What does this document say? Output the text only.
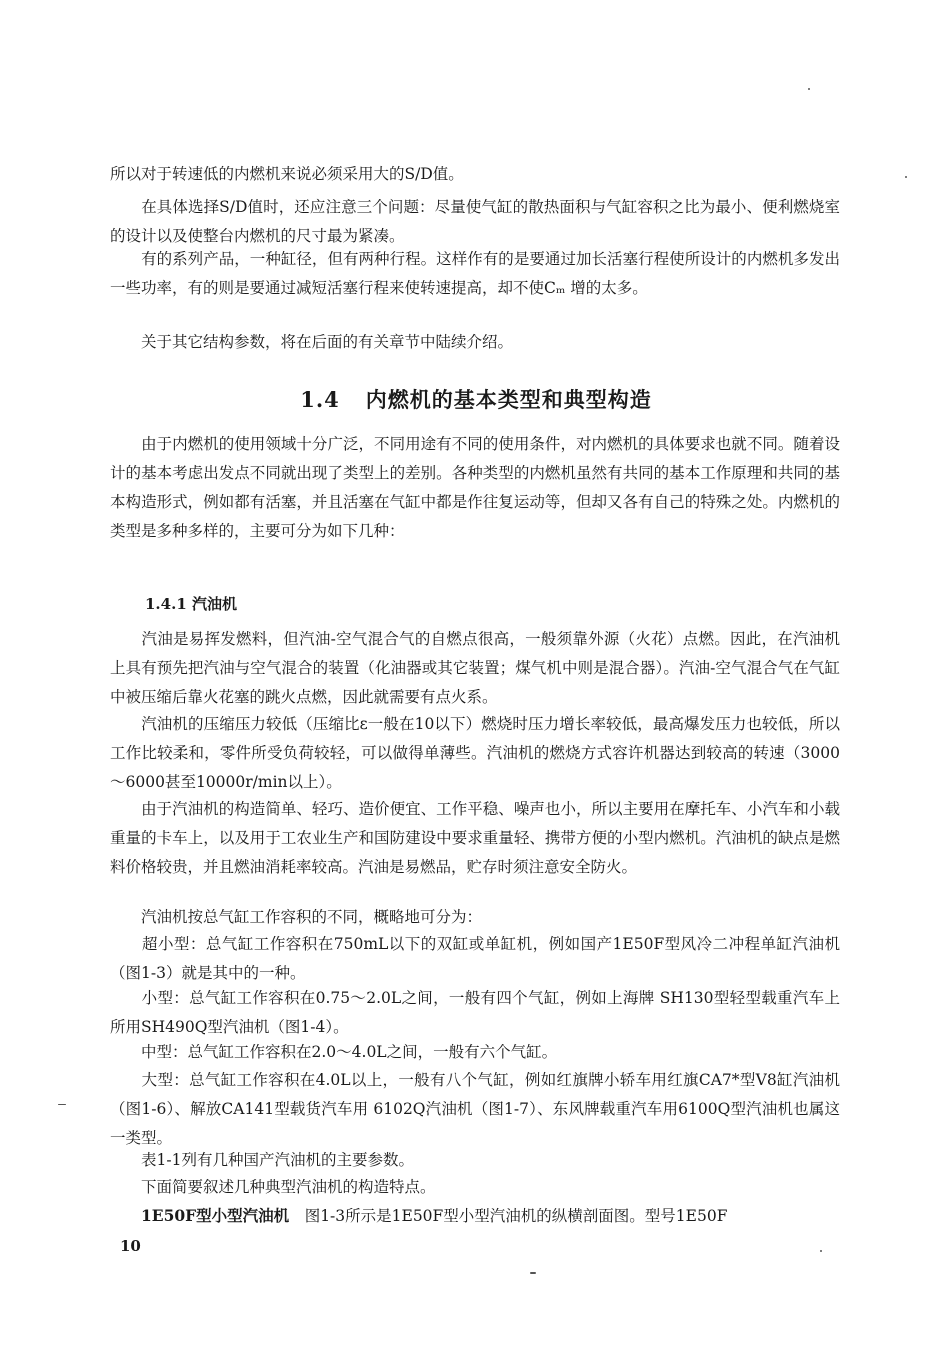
所以对于转速低的内燃机来说必须采用大的S/D值。

　　在具体选择S/D值时，还应注意三个问题：尽量使气缸的散热面积与气缸容积之比为最小、便利燃烧室的设计以及使整台内燃机的尺寸最为紧凑。

　　有的系列产品，一种缸径，但有两种行程。这样作有的是要通过加长活塞行程使所设计的内燃机多发出一些功率，有的则是要通过减短活塞行程来使转速提高，却不使Cₘ 增的太多。

　　关于其它结构参数，将在后面的有关章节中陆续介绍。

1.4 内燃机的基本类型和典型构造

　　由于内燃机的使用领域十分广泛，不同用途有不同的使用条件，对内燃机的具体要求也就不同。随着设计的基本考虑出发点不同就出现了类型上的差别。各种类型的内燃机虽然有共同的基本工作原理和共同的基本构造形式，例如都有活塞，并且活塞在气缸中都是作往复运动等，但却又各有自己的特殊之处。内燃机的类型是多种多样的，主要可分为如下几种：

1.4.1 汽油机

　　汽油是易挥发燃料，但汽油-空气混合气的自燃点很高，一般须靠外源（火花）点燃。因此，在汽油机上具有预先把汽油与空气混合的装置（化油器或其它装置；煤气机中则是混合器）。汽油-空气混合气在气缸中被压缩后靠火花塞的跳火点燃，因此就需要有点火系。

　　汽油机的压缩压力较低（压缩比ε一般在10以下）燃烧时压力增长率较低，最高爆发压力也较低，所以工作比较柔和，零件所受负荷较轻，可以做得单薄些。汽油机的燃烧方式容许机器达到较高的转速（3000～6000甚至10000r/min以上）。

　　由于汽油机的构造简单、轻巧、造价便宜、工作平稳、噪声也小，所以主要用在摩托车、小汽车和小载重量的卡车上，以及用于工农业生产和国防建设中要求重量轻、携带方便的小型内燃机。汽油机的缺点是燃料价格较贵，并且燃油消耗率较高。汽油是易燃品，贮存时须注意安全防火。

　　汽油机按总气缸工作容积的不同，概略地可分为：

　　超小型：总气缸工作容积在750mL以下的双缸或单缸机，例如国产1E50F型风冷二冲程单缸汽油机（图1-3）就是其中的一种。

　　小型：总气缸工作容积在0.75～2.0L之间，一般有四个气缸，例如上海牌 SH130型轻型载重汽车上所用SH490Q型汽油机（图1-4）。

　　中型：总气缸工作容积在2.0～4.0L之间，一般有六个气缸。

　　大型：总气缸工作容积在4.0L以上，一般有八个气缸，例如红旗牌小轿车用红旗CA7*型V8缸汽油机（图1-6）、解放CA141型载货汽车用 6102Q汽油机（图1-7）、东风牌载重汽车用6100Q型汽油机也属这一类型。

　　表1-1列有几种国产汽油机的主要参数。

　　下面简要叙述几种典型汽油机的构造特点。

　　1E50F型小型汽油机　图1-3所示是1E50F型小型汽油机的纵横剖面图。型号1E50F

10
